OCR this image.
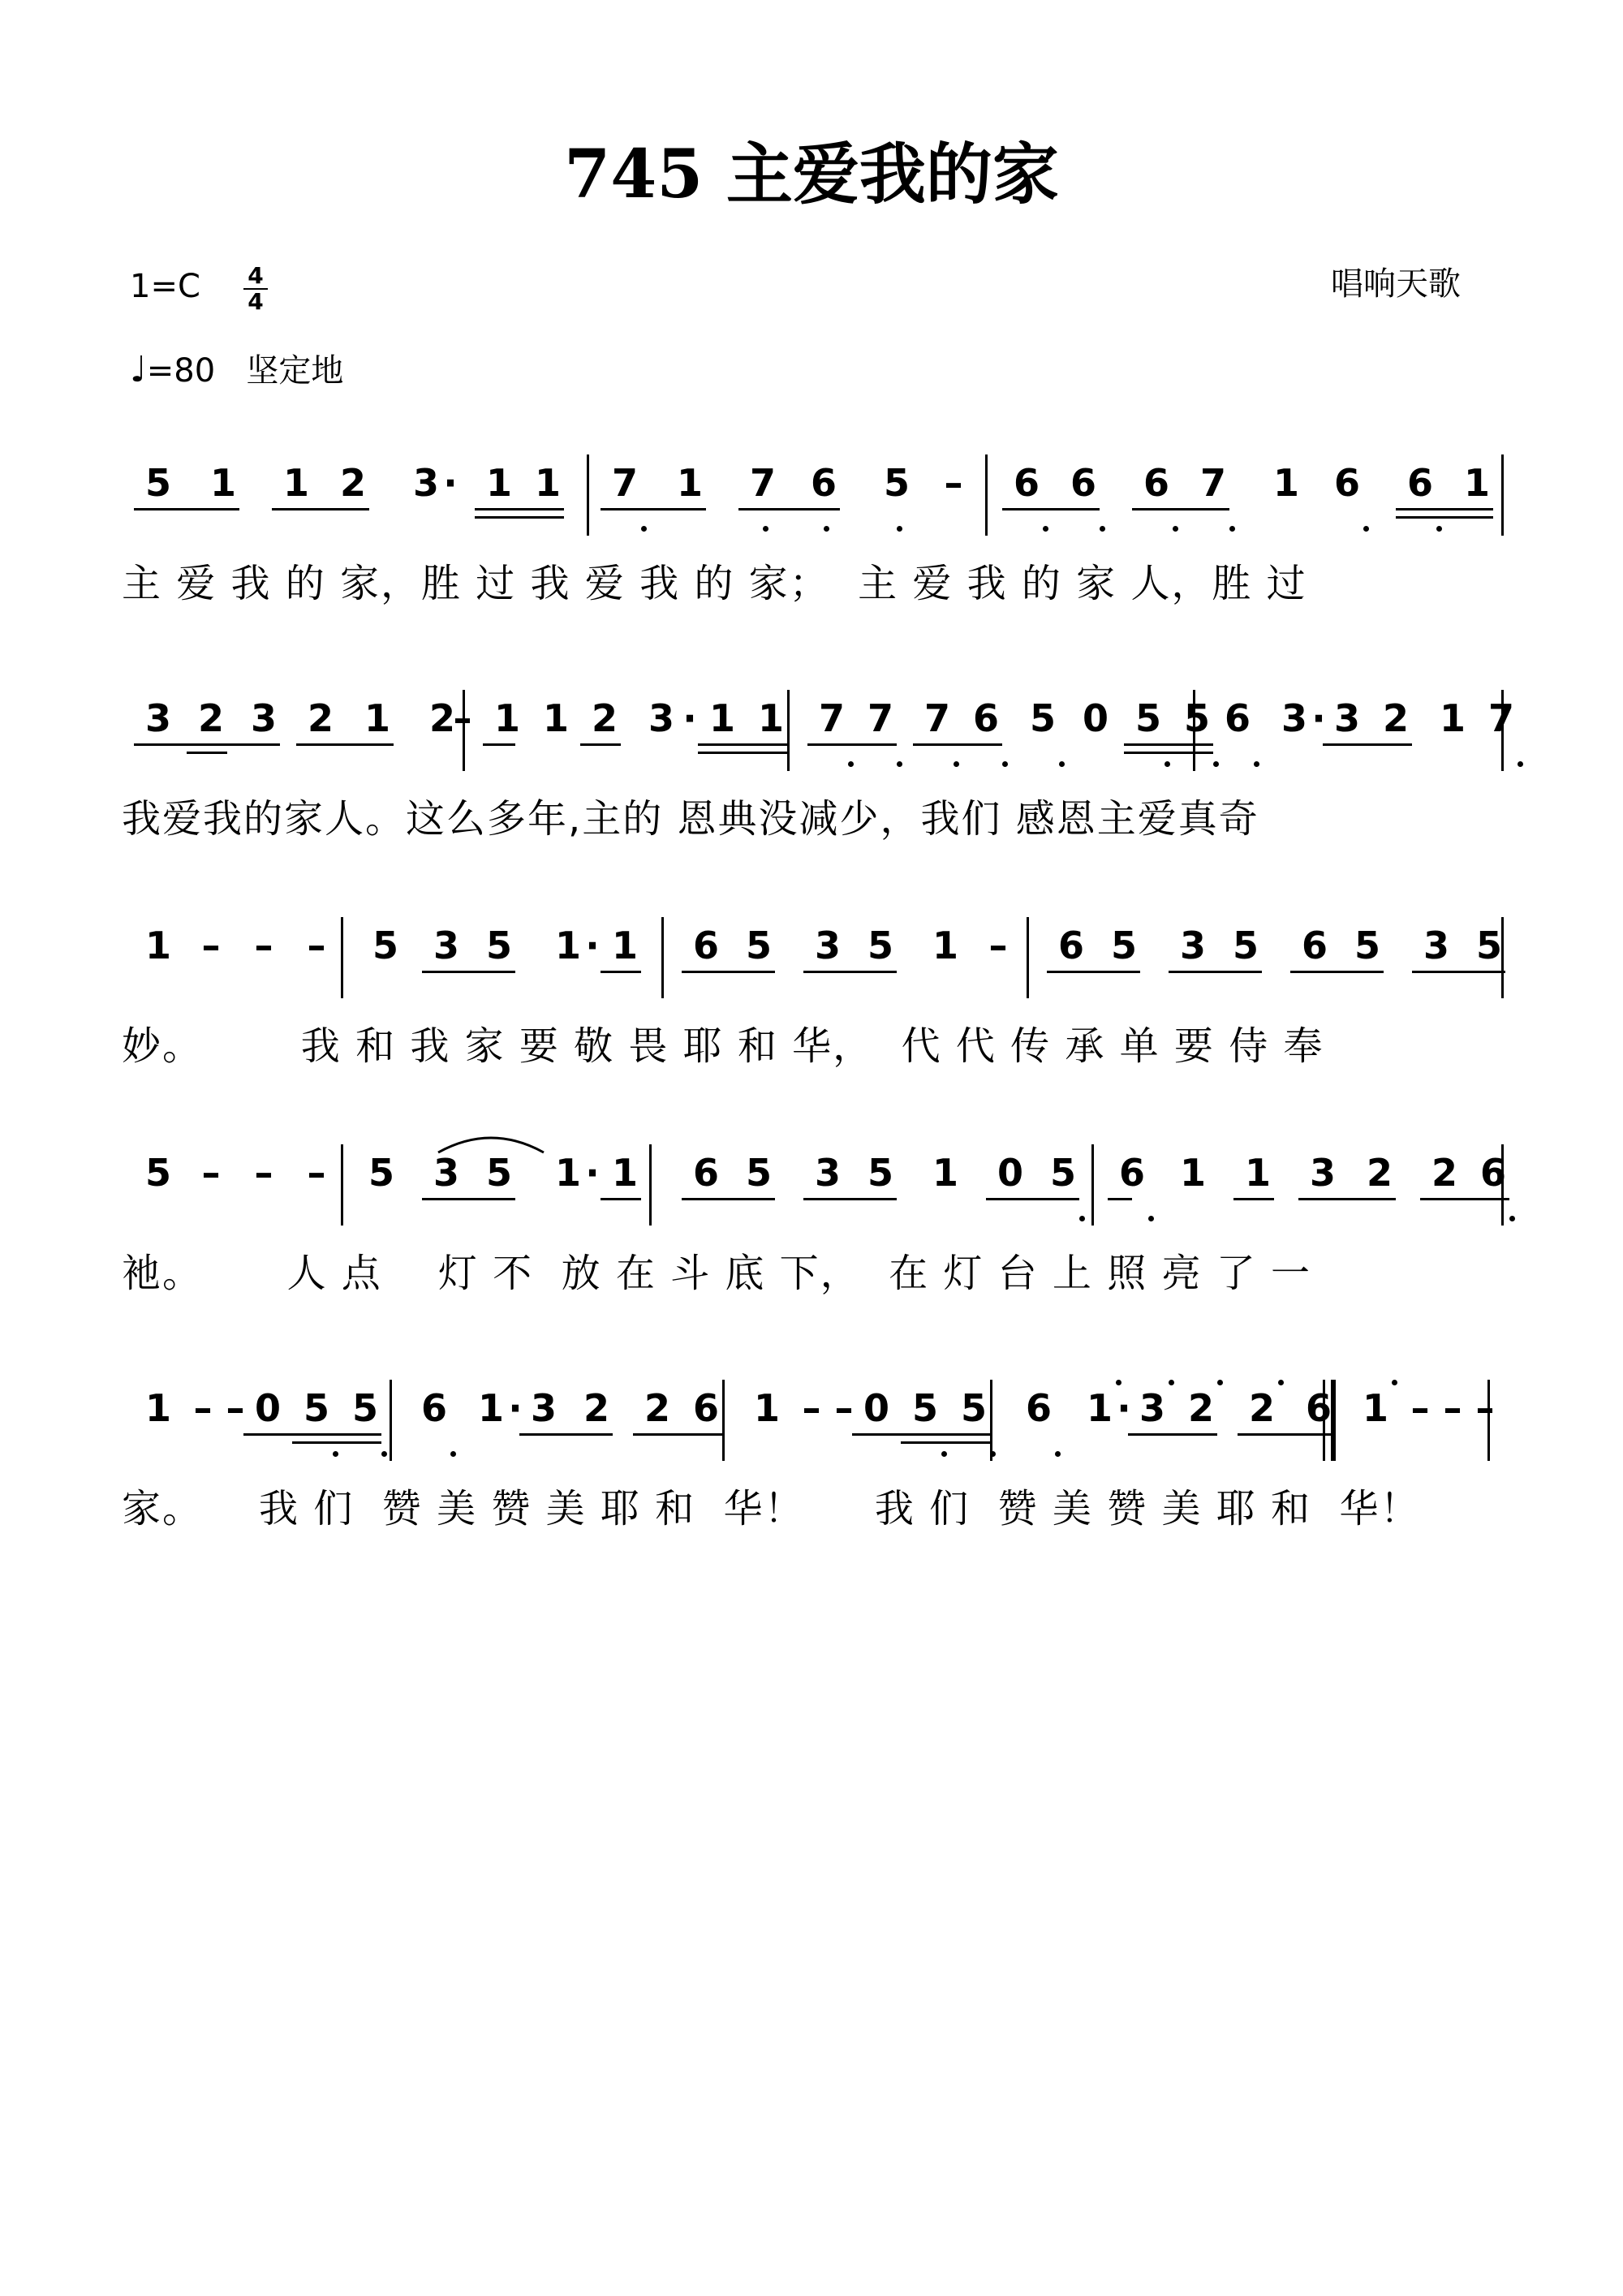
745 主爱我的家
$1=C \frac{4}{4}$
♩=80 坚定地
唱响天歌
5 1 1 2 3 · 1 1 7 1 7 6 5 – 6 6 6 7 1 6 6 1
主 爱 我 的 家，胜 过 我 爱 我 的 家；  主 爱 我 的 家 人，胜 过
3 2 3 2 1 2
– 1 1 2 3 · 1 1 7 7 7 6 5 0 5 5 6 3 · 3 2 1 7
我爱我的家人。这么多年,主的 恩典没减少，我们 感恩主爱真奇
1 – – – 5 3 5 1 · 1 6 5 3 5 1 – 6 5 3 5 6 5 3 5
妙。       我 和 我 家 要 敬 畏 耶 和 华，  代 代 传 承 单 要 侍 奉
5 – – – 5 3 5 1 · 1 6 5 3 5 1 0 5 6 1 1 3 2 2 6
衪。      人 点    灯 不  放 在 斗 底 下，  在 灯 台 上 照 亮 了 一
1 – – 0 5 5 6 1 · 3 2 2 6 1 – – 0 5 5 6 1 · 3 2 2 6 1 – – –
家。    我 们  赞 美 赞 美 耶 和  华！     我 们  赞 美 赞 美 耶 和  华！
